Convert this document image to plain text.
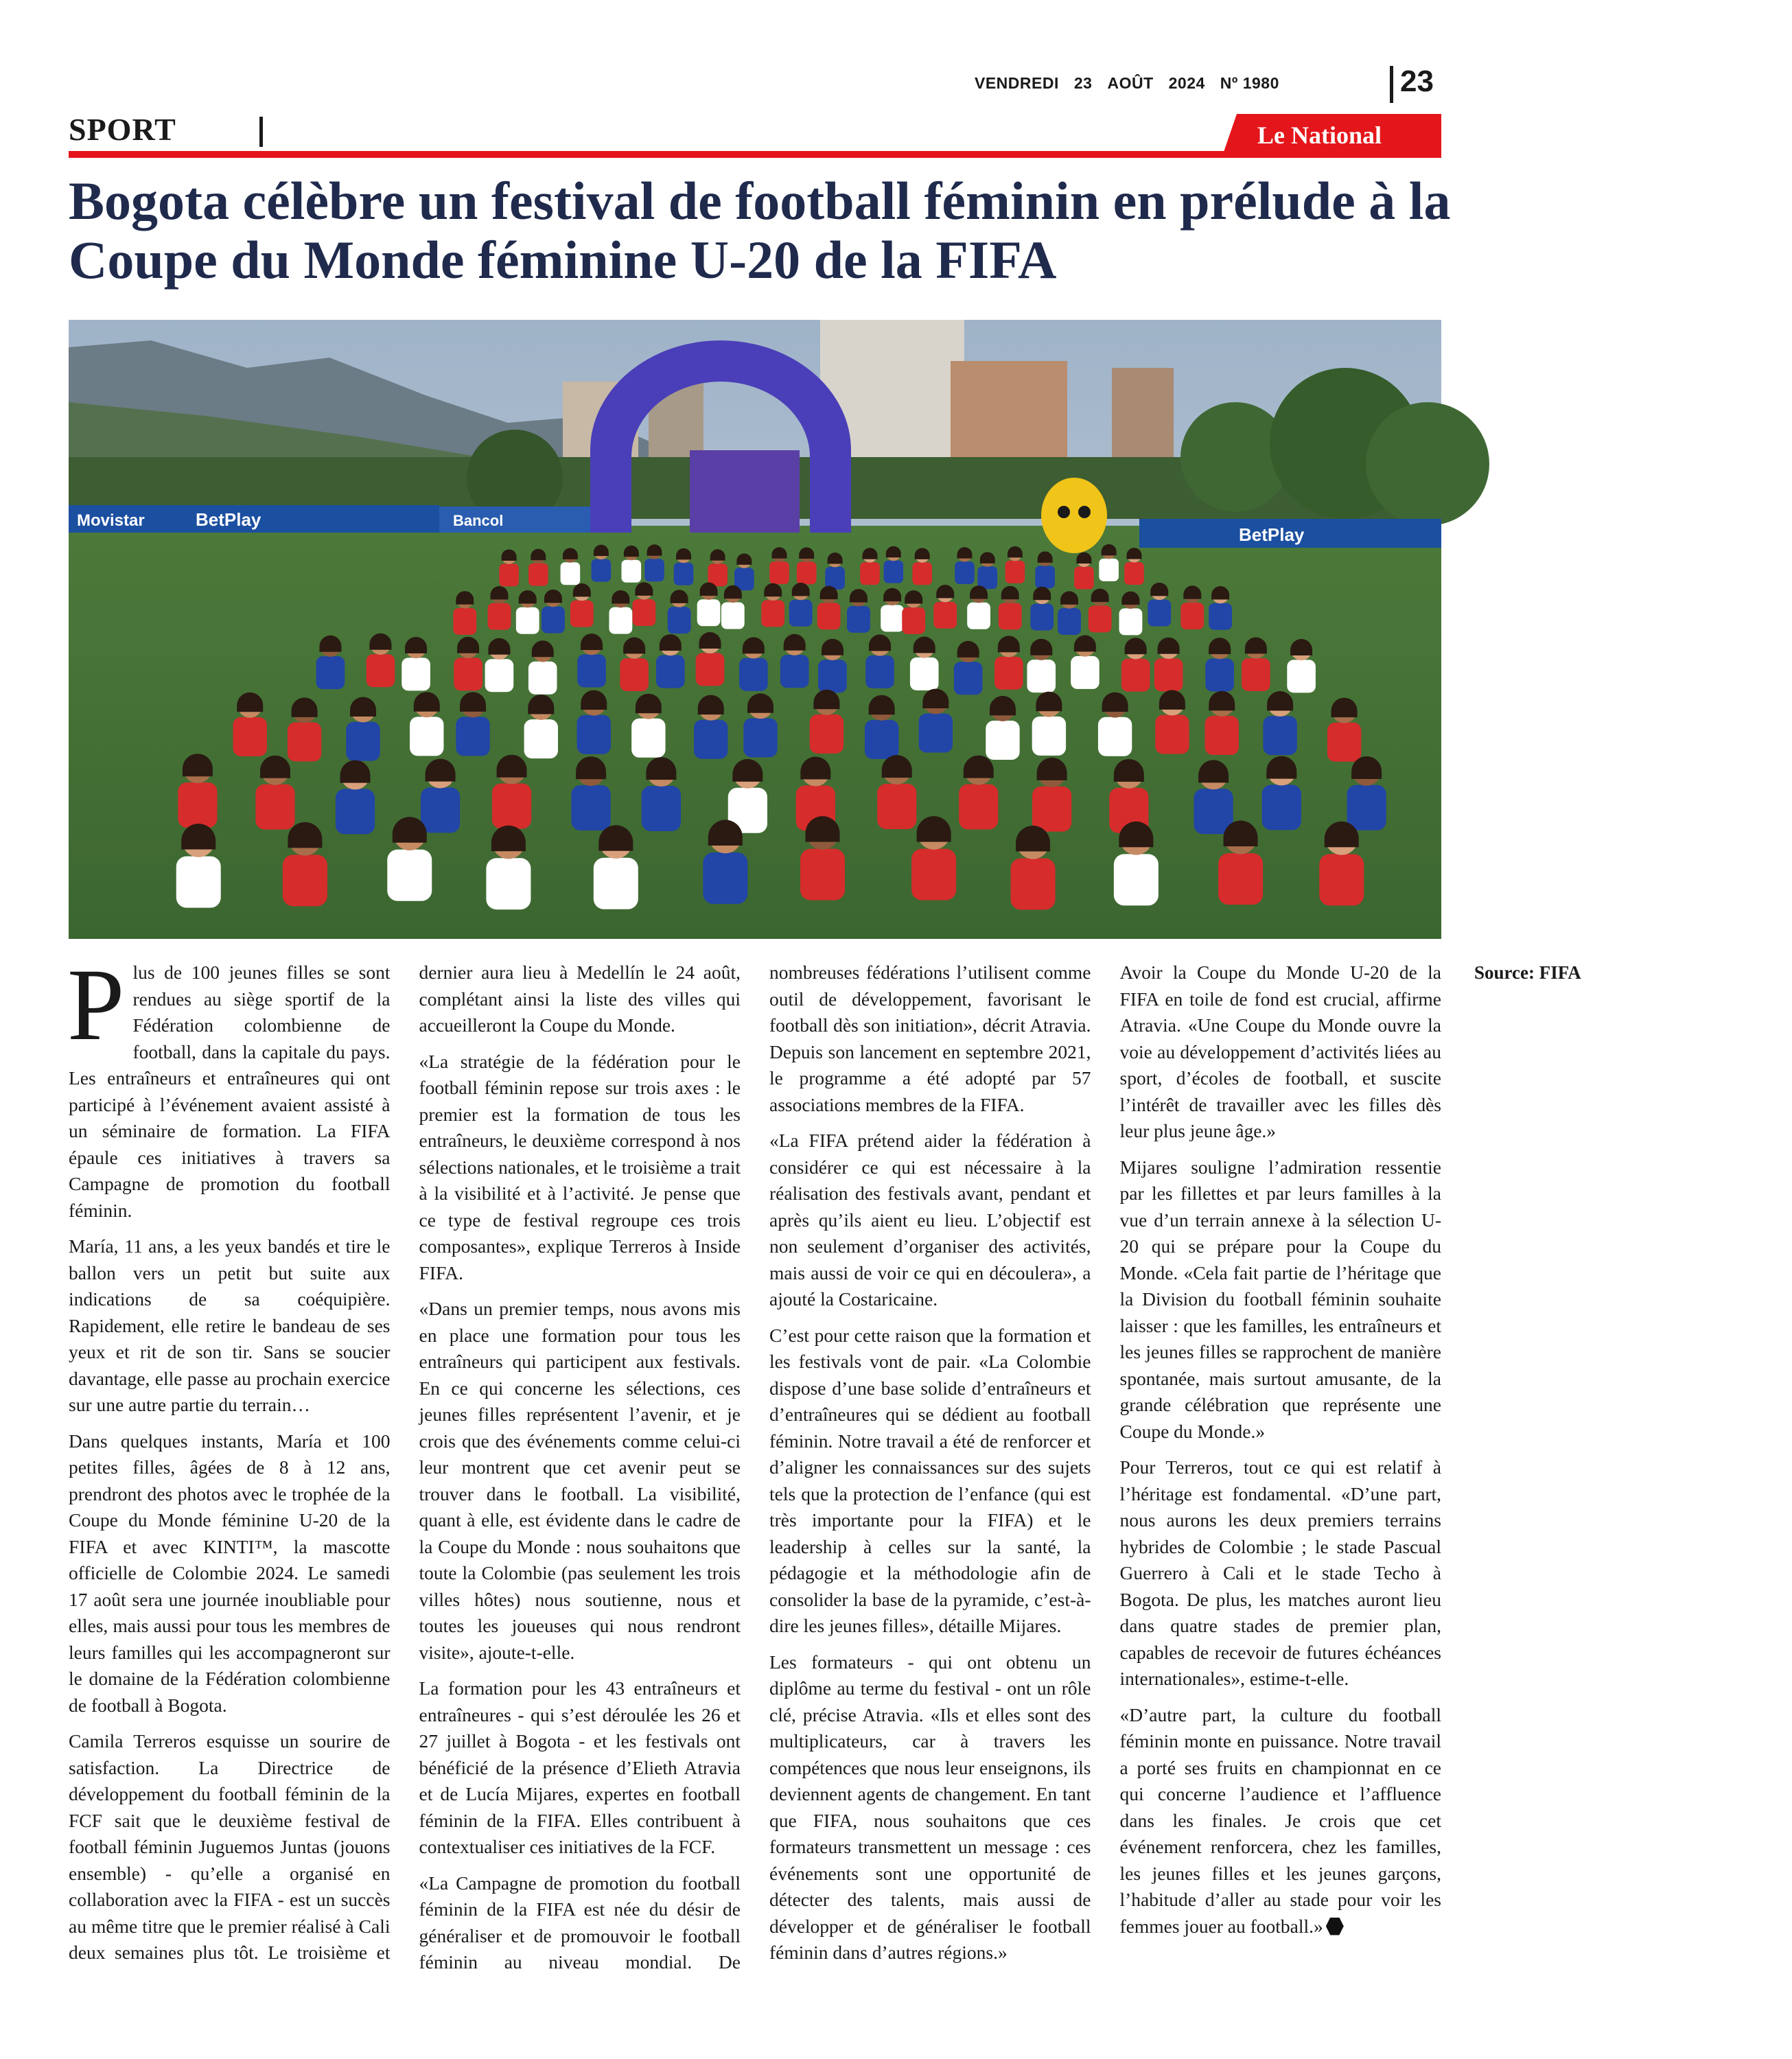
VENDREDI 23 AOÛT 2024 Nº 1980	23
SPORT	Le National
Bogota célèbre un festival de football féminin en prélude à la Coupe du Monde féminine U-20 de la FIFA
Movistar	BetPlay	Bancol
BetPlay

Plus de 100 jeunes filles se sont rendues au siège sportif de la Fédération colombienne de football, dans la capitale du pays. Les entraîneurs et entraîneures qui ont participé à l’événement avaient assisté à un séminaire de formation. La FIFA épaule ces initiatives à travers sa Campagne de promotion du football féminin.

María, 11 ans, a les yeux bandés et tire le ballon vers un petit but suite aux indications de sa coéquipière. Rapidement, elle retire le bandeau de ses yeux et rit de son tir. Sans se soucier davantage, elle passe au prochain exercice sur une autre partie du terrain…

Dans quelques instants, María et 100 petites filles, âgées de 8 à 12 ans, prendront des photos avec le trophée de la Coupe du Monde féminine U-20 de la FIFA et avec KINTI™, la mascotte officielle de Colombie 2024. Le samedi 17 août sera une journée inoubliable pour elles, mais aussi pour tous les membres de leurs familles qui les accompagneront sur le domaine de la Fédération colombienne de football à Bogota.

Camila Terreros esquisse un sourire de satisfaction. La Directrice de développement du football féminin de la FCF sait que le deuxième festival de football féminin Juguemos Juntas (jouons ensemble) - qu’elle a organisé en collaboration avec la FIFA - est un succès au même titre que le premier réalisé à Cali deux semaines plus tôt. Le troisième et dernier aura lieu à Medellín le 24 août, complétant ainsi la liste des villes qui accueilleront la Coupe du Monde.

«La stratégie de la fédération pour le football féminin repose sur trois axes : le premier est la formation de tous les entraîneurs, le deuxième correspond à nos sélections nationales, et le troisième a trait à la visibilité et à l’activité. Je pense que ce type de festival regroupe ces trois composantes», explique Terreros à Inside FIFA.

«Dans un premier temps, nous avons mis en place une formation pour tous les entraîneurs qui participent aux festivals. En ce qui concerne les sélections, ces jeunes filles représentent l’avenir, et je crois que des événements comme celui-ci leur montrent que cet avenir peut se trouver dans le football. La visibilité, quant à elle, est évidente dans le cadre de la Coupe du Monde : nous souhaitons que toute la Colombie (pas seulement les trois villes hôtes) nous soutienne, nous et toutes les joueuses qui nous rendront visite», ajoute-t-elle.

La formation pour les 43 entraîneurs et entraîneures - qui s’est déroulée les 26 et 27 juillet à Bogota - et les festivals ont bénéficié de la présence d’Elieth Atravia et de Lucía Mijares, expertes en football féminin de la FIFA. Elles contribuent à contextualiser ces initiatives de la FCF.

«La Campagne de promotion du football féminin de la FIFA est née du désir de généraliser et de promouvoir le football féminin au niveau mondial. De nombreuses fédérations l’utilisent comme outil de développement, favorisant le football dès son initiation», décrit Atravia. Depuis son lancement en septembre 2021, le programme a été adopté par 57 associations membres de la FIFA.

«La FIFA prétend aider la fédération à considérer ce qui est nécessaire à la réalisation des festivals avant, pendant et après qu’ils aient eu lieu. L’objectif est non seulement d’organiser des activités, mais aussi de voir ce qui en découlera», a ajouté la Costaricaine.

C’est pour cette raison que la formation et les festivals vont de pair. «La Colombie dispose d’une base solide d’entraîneurs et d’entraîneures qui se dédient au football féminin. Notre travail a été de renforcer et d’aligner les connaissances sur des sujets tels que la protection de l’enfance (qui est très importante pour la FIFA) et le leadership à celles sur la santé, la pédagogie et la méthodologie afin de consolider la base de la pyramide, c’est-à-dire les jeunes filles», détaille Mijares.

Les formateurs - qui ont obtenu un diplôme au terme du festival - ont un rôle clé, précise Atravia. «Ils et elles sont des multiplicateurs, car à travers les compétences que nous leur enseignons, ils deviennent agents de changement. En tant que FIFA, nous souhaitons que ces formateurs transmettent un message : ces événements sont une opportunité de détecter des talents, mais aussi de développer et de généraliser le football féminin dans d’autres régions.»

Avoir la Coupe du Monde U-20 de la FIFA en toile de fond est crucial, affirme Atravia. «Une Coupe du Monde ouvre la voie au développement d’activités liées au sport, d’écoles de football, et suscite l’intérêt de travailler avec les filles dès leur plus jeune âge.»

Mijares souligne l’admiration ressentie par les fillettes et par leurs familles à la vue d’un terrain annexe à la sélection U-20 qui se prépare pour la Coupe du Monde. «Cela fait partie de l’héritage que la Division du football féminin souhaite laisser : que les familles, les entraîneurs et les jeunes filles se rapprochent de manière spontanée, mais surtout amusante, de la grande célébration que représente une Coupe du Monde.»

Pour Terreros, tout ce qui est relatif à l’héritage est fondamental. «D’une part, nous aurons les deux premiers terrains hybrides de Colombie ; le stade Pascual Guerrero à Cali et le stade Techo à Bogota. De plus, les matches auront lieu dans quatre stades de premier plan, capables de recevoir de futures échéances internationales», estime-t-elle.

«D’autre part, la culture du football féminin monte en puissance. Notre travail a porté ses fruits en championnat en ce qui concerne l’audience et l’affluence dans les finales. Je crois que cet événement renforcera, chez les familles, les jeunes filles et les jeunes garçons, l’habitude d’aller au stade pour voir les femmes jouer au football.»

Source: FIFA
